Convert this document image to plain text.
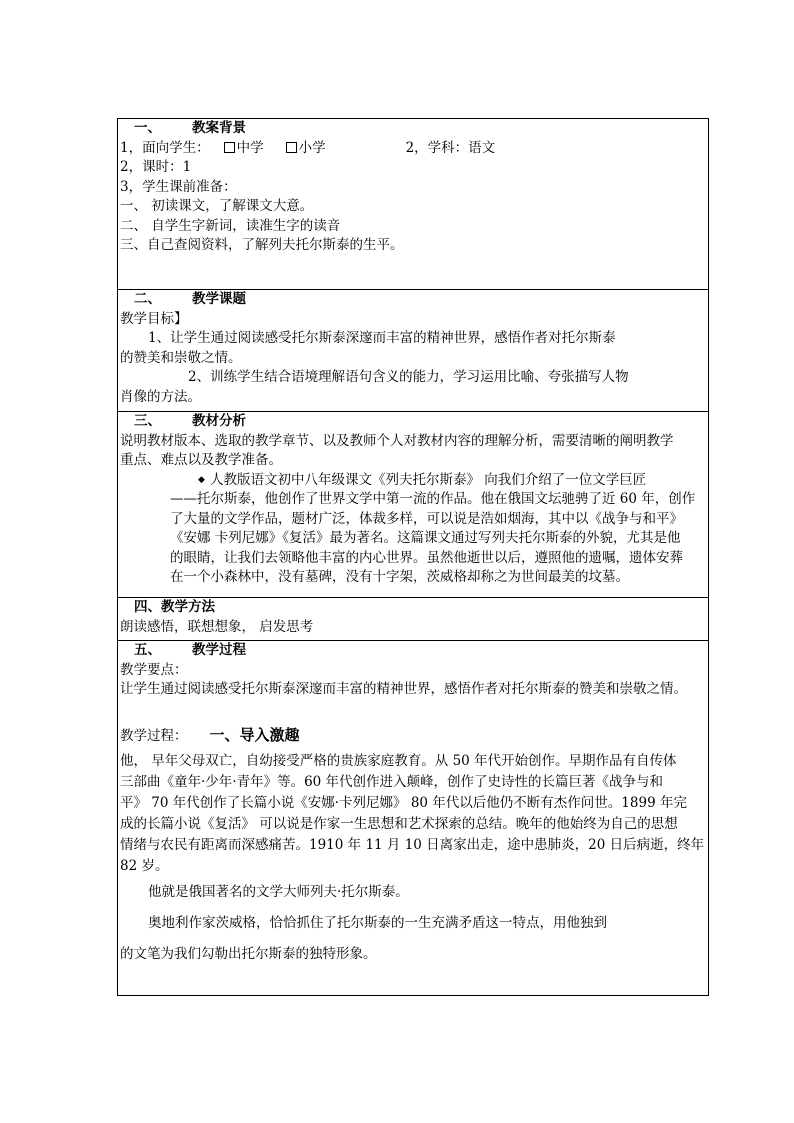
一、 教案背景
1，面向学生： 中学	小学	2，学科：语文
2，课时：1
3，学生课前准备：
一、 初读课文，了解课文大意。
二、 自学生字新词，读准生字的读音
三、自己查阅资料，了解列夫托尔斯泰的生平。

二、 教学课题
教学目标】
1、让学生通过阅读感受托尔斯泰深邃而丰富的精神世界，感悟作者对托尔斯泰
的赞美和崇敬之情。
2、训练学生结合语境理解语句含义的能力，学习运用比喻、夸张描写人物
肖像的方法。

三、 教材分析
说明教材版本、选取的教学章节、以及教师个人对教材内容的理解分析，需要清晰的阐明教学
重点、难点以及教学准备。
◆ 人教版语文初中八年级课文《列夫托尔斯泰》 向我们介绍了一位文学巨匠
——托尔斯泰，他创作了世界文学中第一流的作品。他在俄国文坛驰骋了近 60 年，创作
了大量的文学作品，题材广泛，体裁多样，可以说是浩如烟海，其中以《战争与和平》
《安娜 卡列尼娜》《复活》最为著名。这篇课文通过写列夫托尔斯泰的外貌，尤其是他
的眼睛，让我们去领略他丰富的内心世界。虽然他逝世以后，遵照他的遗嘱，遗体安葬
在一个小森林中，没有墓碑，没有十字架，茨威格却称之为世间最美的坟墓。

四、教学方法
朗读感悟，联想想象， 启发思考

五、 教学过程
教学要点：
让学生通过阅读感受托尔斯泰深邃而丰富的精神世界，感悟作者对托尔斯泰的赞美和崇敬之情。
教学过程： 一、导入激趣
他， 早年父母双亡，自幼接受严格的贵族家庭教育。从 50 年代开始创作。早期作品有自传体
三部曲《童年·少年·青年》等。60 年代创作进入颠峰，创作了史诗性的长篇巨著《战争与和
平》 70 年代创作了长篇小说《安娜·卡列尼娜》 80 年代以后他仍不断有杰作问世。1899 年完
成的长篇小说《复活》 可以说是作家一生思想和艺术探索的总结。晚年的他始终为自己的思想
情绪与农民有距离而深感痛苦。1910 年 11 月 10 日离家出走，途中患肺炎，20 日后病逝，终年
82 岁。
他就是俄国著名的文学大师列夫·托尔斯泰。
奥地利作家茨威格，恰恰抓住了托尔斯泰的一生充满矛盾这一特点，用他独到
的文笔为我们勾勒出托尔斯泰的独特形象。
